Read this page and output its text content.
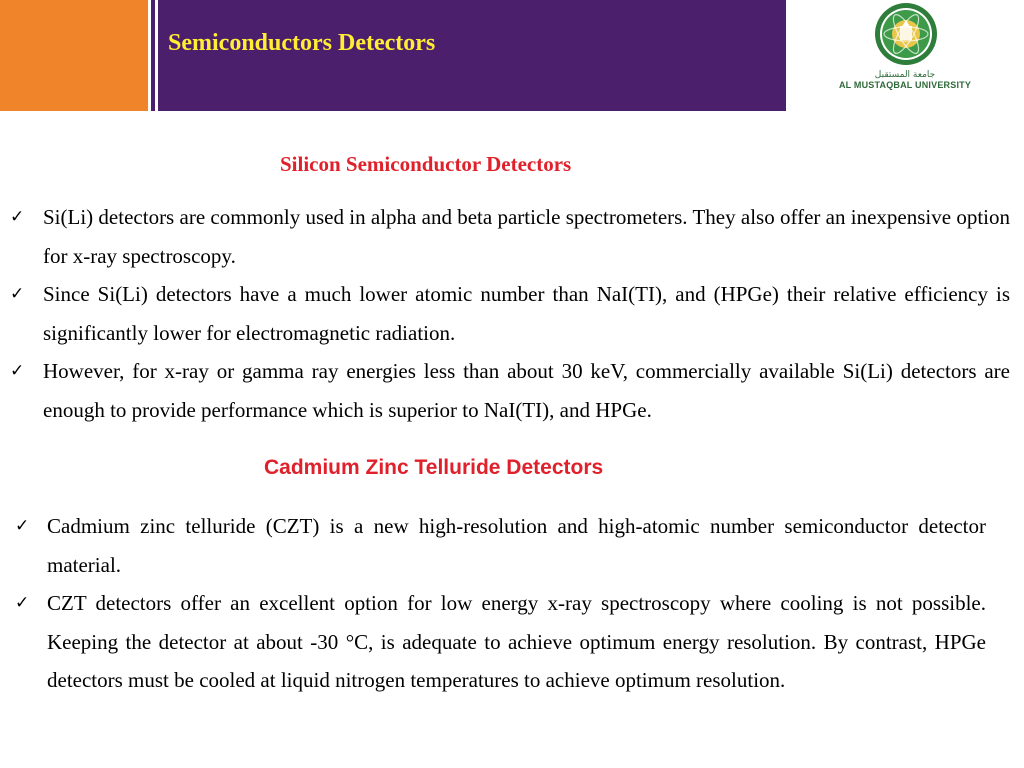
Semiconductors Detectors
جامعة المستقبل
AL MUSTAQBAL UNIVERSITY
Silicon Semiconductor Detectors
✓ Si(Li) detectors are commonly used in alpha and beta particle spectrometers. They also offer an inexpensive option for x-ray spectroscopy.
✓ Since Si(Li) detectors have a much lower atomic number than NaI(TI), and (HPGe) their relative efficiency is significantly lower for electromagnetic radiation.
✓ However, for x-ray or gamma ray energies less than about 30 keV, commercially available Si(Li) detectors are enough to provide performance which is superior to NaI(TI), and HPGe.
Cadmium Zinc Telluride Detectors
✓ Cadmium zinc telluride (CZT) is a new high-resolution and high-atomic number semiconductor detector material.
✓ CZT detectors offer an excellent option for low energy x-ray spectroscopy where cooling is not possible. Keeping the detector at about -30 °C, is adequate to achieve optimum energy resolution. By contrast, HPGe detectors must be cooled at liquid nitrogen temperatures to achieve optimum resolution.
